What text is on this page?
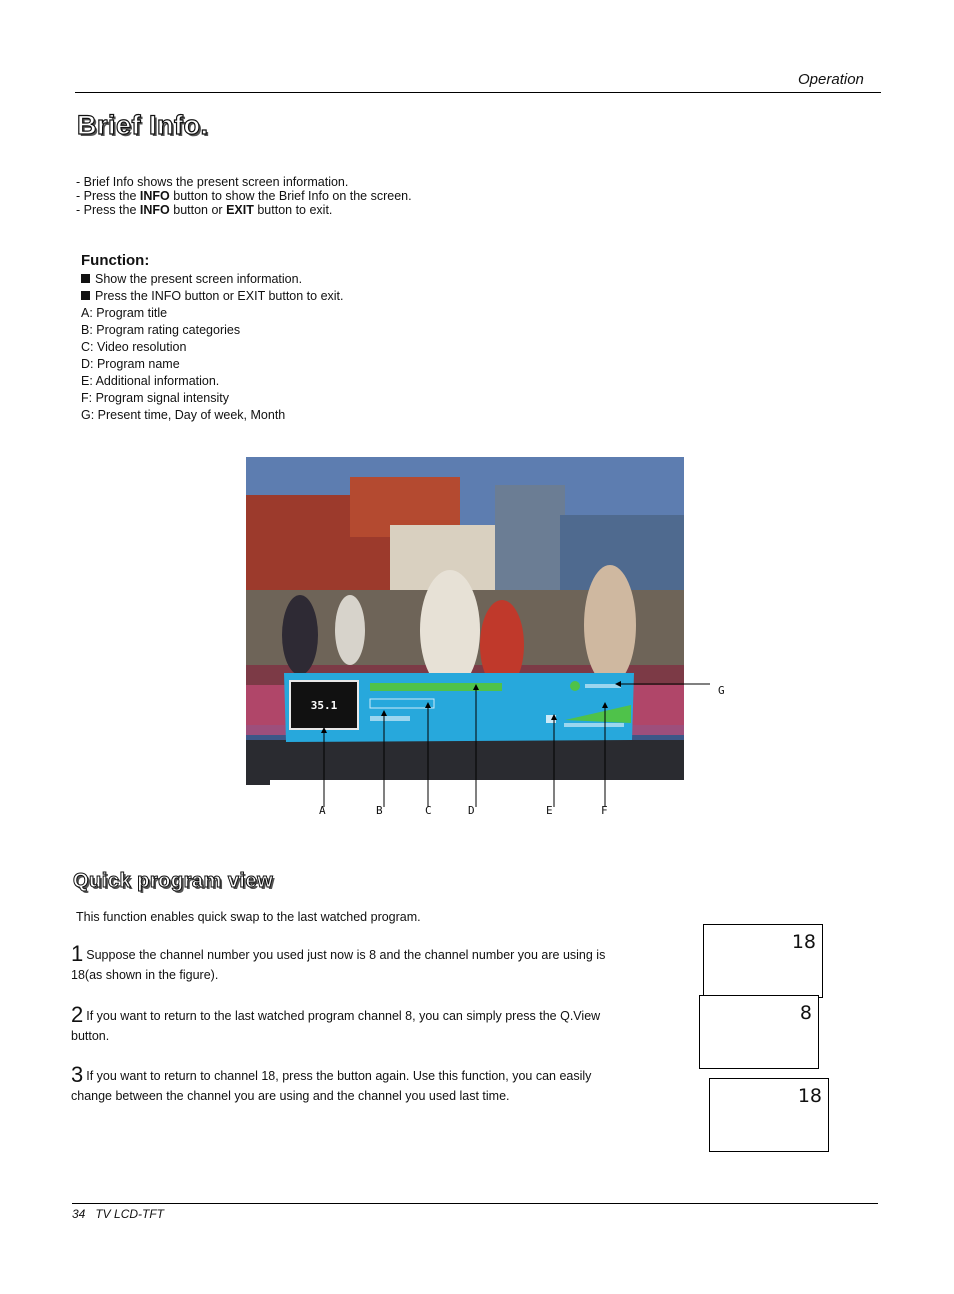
Operation
Brief Info.
- Brief Info shows the present screen information.
- Press the INFO button to show the Brief Info on the screen.
- Press the INFO button or EXIT button to exit.
Function:
Show the present screen information.
Press the INFO button or EXIT button to exit.
A: Program title
B: Program rating categories
C: Video resolution
D: Program name
E: Additional information.
F: Program signal intensity
G: Present time, Day of week, Month
35.1
A	B	C	D	E	F
G
Quick program view
This function enables quick swap to the last watched program.
1 Suppose the channel number you used just now is 8 and the channel number you are using is 18(as shown in the figure).
2 If you want to return to the last watched program channel 8, you can simply press the Q.View button.
3 If you want to return to channel 18, press the button again. Use this function, you can easily change between the channel you are using and the channel you used last time.
18
8
18
34   TV LCD-TFT
